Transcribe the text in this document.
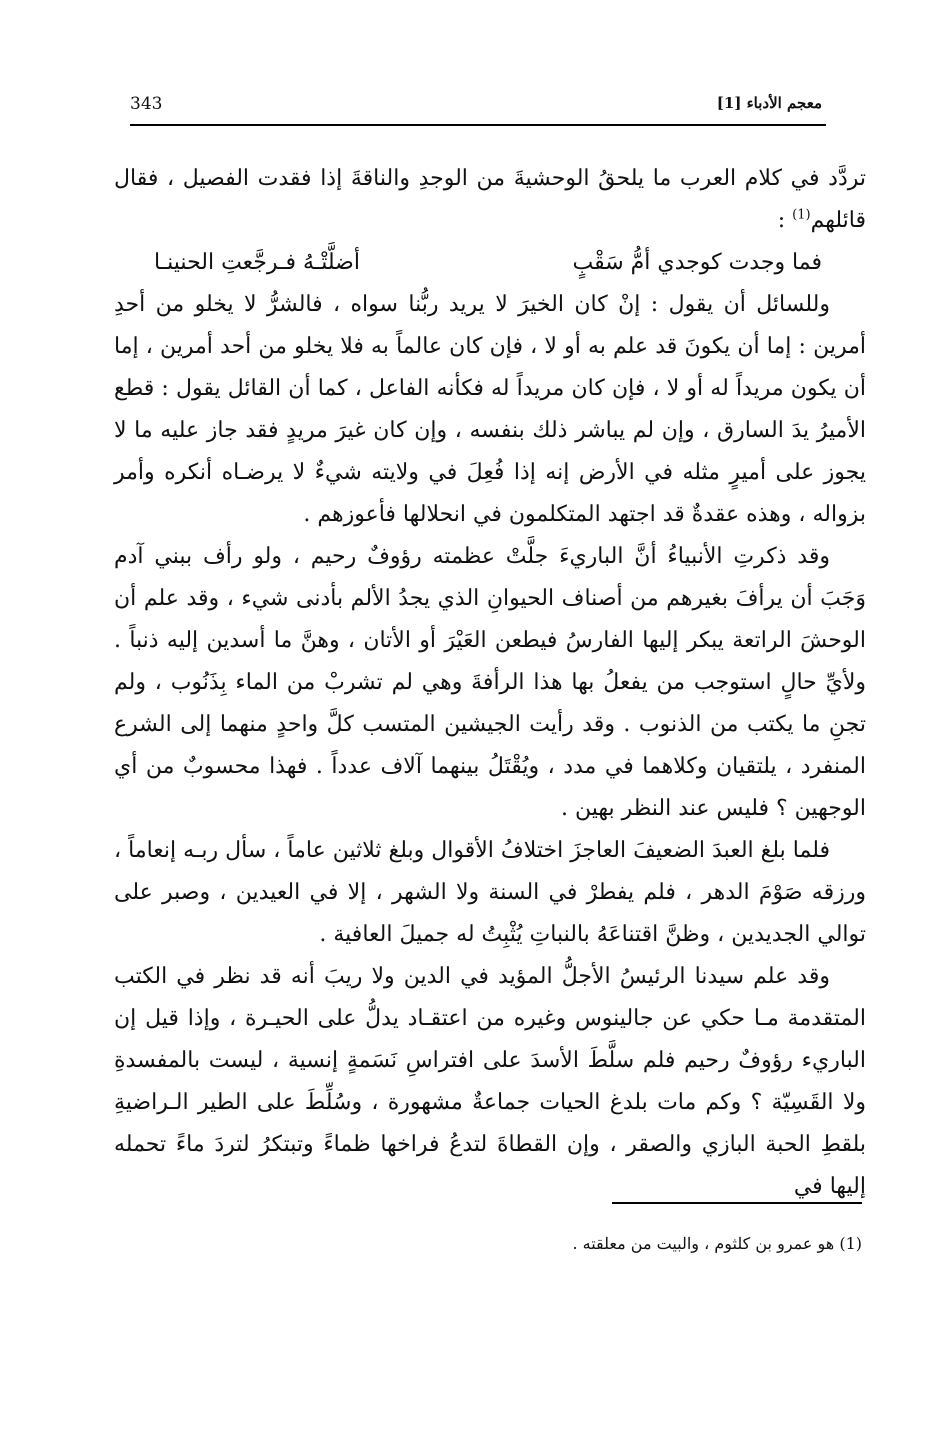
343	معجم الأدباء [1]

تردَّد في كلام العرب ما يلحقُ الوحشيةَ من الوجدِ والناقةَ إذا فقدت الفصيل ، فقال قائلهم$^{(1)}$ :

فما وجدت كوجدي أمُّ سَقْبٍ
أضلَّتْـهُ فـرجَّعتِ الحنينـا

وللسائل أن يقول : إنْ كان الخيرَ لا يريد ربُّنا سواه ، فالشرُّ لا يخلو من أحدِ أمرين : إما أن يكونَ قد علم به أو لا ، فإن كان عالماً به فلا يخلو من أحد أمرين ، إما أن يكون مريداً له أو لا ، فإن كان مريداً له فكأنه الفاعل ، كما أن القائل يقول : قطع الأميرُ يدَ السارق ، وإن لم يباشر ذلك بنفسه ، وإن كان غيرَ مريدٍ فقد جاز عليه ما لا يجوز على أميرٍ مثله في الأرض إنه إذا فُعِلَ في ولايته شيءٌ لا يرضـاه أنكره وأمر بزواله ، وهذه عقدةٌ قد اجتهد المتكلمون في انحلالها فأعوزهم .

وقد ذكرتِ الأنبياءُ أنَّ الباريءَ جلَّتْ عظمته رؤوفٌ رحيم ، ولو رأف ببني آدم وَجَبَ أن يرأفَ بغيرهم من أصناف الحيوانِ الذي يجدُ الألم بأدنى شيء ، وقد علم أن الوحشَ الراتعة يبكر إليها الفارسُ فيطعن العَيْرَ أو الأتان ، وهنَّ ما أسدين إليه ذنباً . ولأيِّ حالٍ استوجب من يفعلُ بها هذا الرأفةَ وهي لم تشربْ من الماء بِذَنُوب ، ولم تجنِ ما يكتب من الذنوب . وقد رأيت الجيشين المتسب كلَّ واحدٍ منهما إلى الشرع المنفرد ، يلتقيان وكلاهما في مدد ، ويُقْتَلُ بينهما آلاف عدداً . فهذا محسوبٌ من أي الوجهين ؟ فليس عند النظر بهين .

فلما بلغ العبدَ الضعيفَ العاجزَ اختلافُ الأقوال وبلغ ثلاثين عاماً ، سأل ربـه إنعاماً ، ورزقه صَوْمَ الدهر ، فلم يفطرْ في السنة ولا الشهر ، إلا في العيدين ، وصبر على توالي الجديدين ، وظنَّ اقتناعَهُ بالنباتِ يُثْبِتُ له جميلَ العافية .

وقد علم سيدنا الرئيسُ الأجلُّ المؤيد في الدين ولا ريبَ أنه قد نظر في الكتب المتقدمة مـا حكي عن جالينوس وغيره من اعتقـاد يدلُّ على الحيـرة ، وإذا قيل إن الباريء رؤوفٌ رحيم فلم سلَّطَ الأسدَ على افتراسِ نَسَمةٍ إنسية ، ليست بالمفسدةِ ولا القَسِيّة ؟ وكم مات بلدغ الحيات جماعةٌ مشهورة ، وسُلِّطَ على الطير الـراضيةِ بلقطِ الحبة البازي والصقر ، وإن القطاةَ لتدعُ فراخها ظماءً وتبتكرُ لتردَ ماءً تحمله إليها في

(1) هو عمرو بن كلثوم ، والبيت من معلقته .
